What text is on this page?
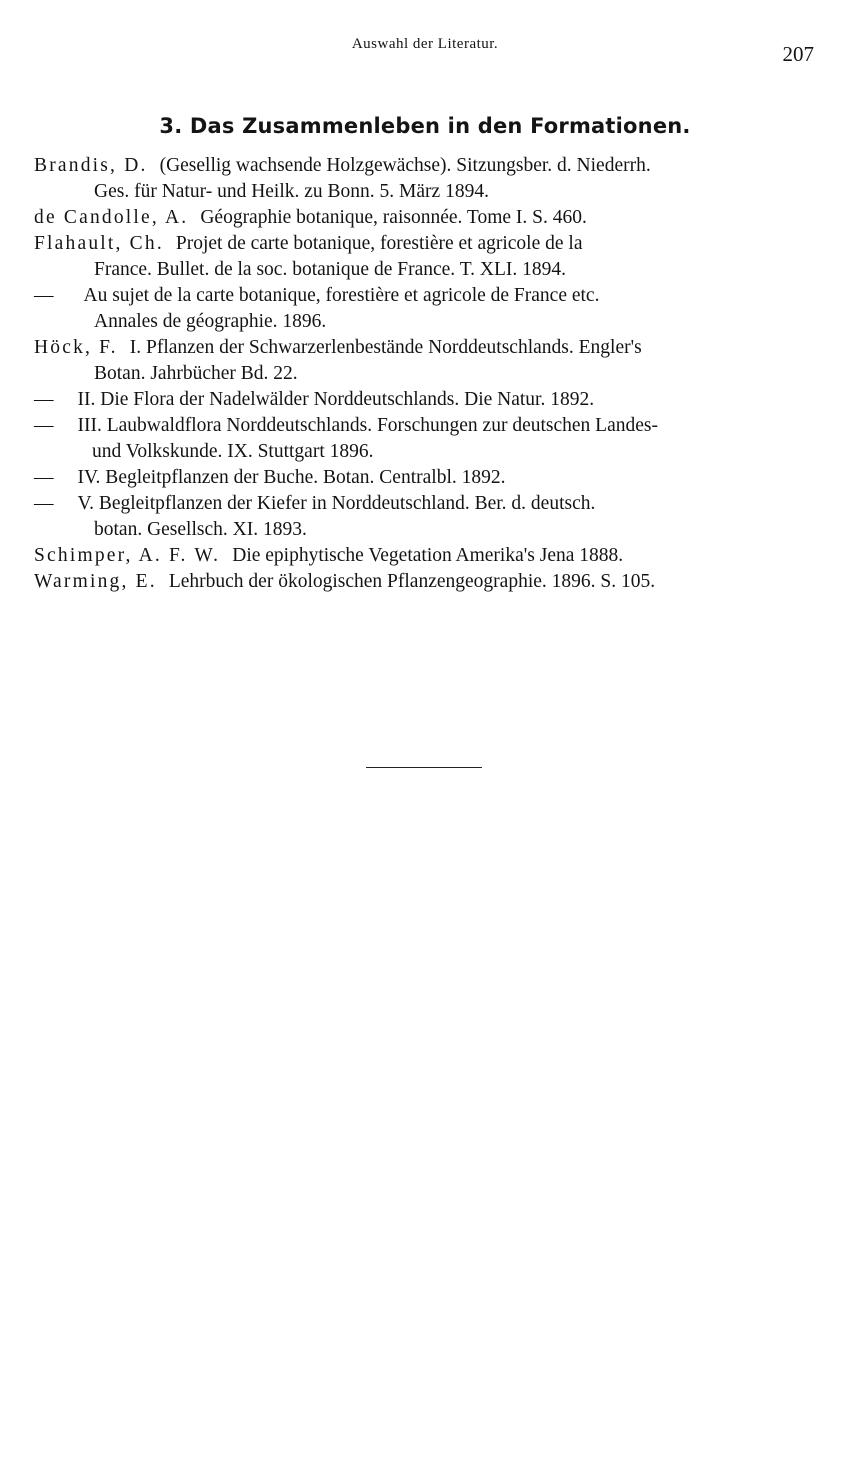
Auswahl der Literatur.	207
3. Das Zusammenleben in den Formationen.
Brandis, D. (Gesellig wachsende Holzgewächse). Sitzungsber. d. Niederrh.
Ges. für Natur- und Heilk. zu Bonn. 5. März 1894.
de Candolle, A. Géographie botanique, raisonnée. Tome I. S. 460.
Flahault, Ch. Projet de carte botanique, forestière et agricole de la
France. Bullet. de la soc. botanique de France. T. XLI. 1894.
— Au sujet de la carte botanique, forestière et agricole de France etc.
Annales de géographie. 1896.
Höck, F. I. Pflanzen der Schwarzerlenbestände Norddeutschlands. Engler's
Botan. Jahrbücher Bd. 22.
— II. Die Flora der Nadelwälder Norddeutschlands. Die Natur. 1892.
— III. Laubwaldflora Norddeutschlands. Forschungen zur deutschen Landes-
und Volkskunde. IX. Stuttgart 1896.
— IV. Begleitpflanzen der Buche. Botan. Centralbl. 1892.
— V. Begleitpflanzen der Kiefer in Norddeutschland. Ber. d. deutsch.
botan. Gesellsch. XI. 1893.
Schimper, A. F. W. Die epiphytische Vegetation Amerika's Jena 1888.
Warming, E. Lehrbuch der ökologischen Pflanzengeographie. 1896. S. 105.
